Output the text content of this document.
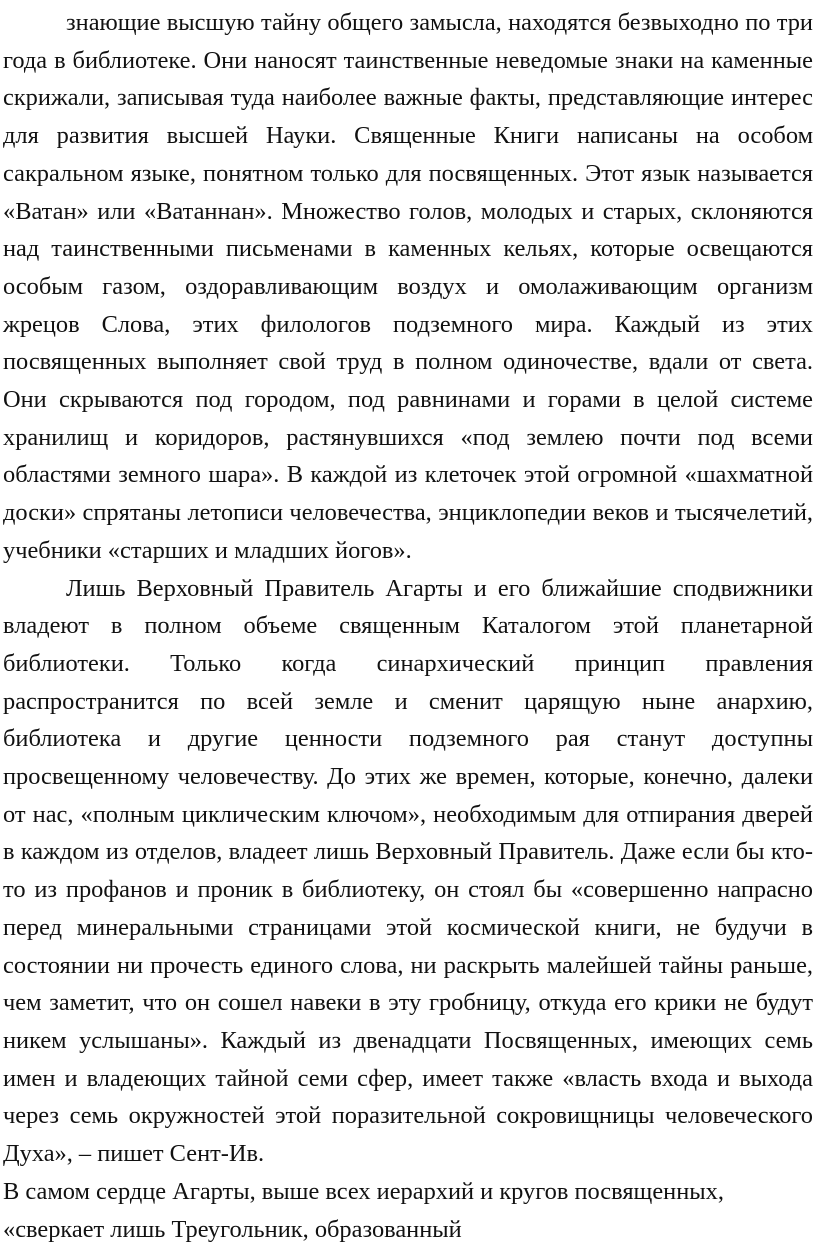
знающие высшую тайну общего замысла, находятся безвыходно по три года в библиотеке. Они наносят таинственные неведомые знаки на каменные скрижали, записывая туда наиболее важные факты, представляющие интерес для развития высшей Науки. Священные Книги написаны на особом сакральном языке, понятном только для посвященных. Этот язык называется «Ватан» или «Ватаннан». Множество голов, молодых и старых, склоняются над таинственными письменами в каменных кельях, которые освещаются особым газом, оздоравливающим воздух и омолаживающим организм жрецов Слова, этих филологов подземного мира. Каждый из этих посвященных выполняет свой труд в полном одиночестве, вдали от света. Они скрываются под городом, под равнинами и горами в целой системе хранилищ и коридоров, растянувшихся «под землею почти под всеми областями земного шара». В каждой из клеточек этой огромной «шахматной доски» спрятаны летописи человечества, энциклопедии веков и тысячелетий, учебники «старших и младших йогов».

Лишь Верховный Правитель Агарты и его ближайшие сподвижники владеют в полном объеме священным Каталогом этой планетарной библиотеки. Только когда синархический принцип правления распространится по всей земле и сменит царящую ныне анархию, библиотека и другие ценности подземного рая станут доступны просвещенному человечеству. До этих же времен, которые, конечно, далеки от нас, «полным циклическим ключом», необходимым для отпирания дверей в каждом из отделов, владеет лишь Верховный Правитель. Даже если бы кто-то из профанов и проник в библиотеку, он стоял бы «совершенно напрасно перед минеральными страницами этой космической книги, не будучи в состоянии ни прочесть единого слова, ни раскрыть малейшей тайны раньше, чем заметит, что он сошел навеки в эту гробницу, откуда его крики не будут никем услышаны». Каждый из двенадцати Посвященных, имеющих семь имен и владеющих тайной семи сфер, имеет также «власть входа и выхода через семь окружностей этой поразительной сокровищницы человеческого Духа», – пишет Сент-Ив.

В самом сердце Агарты, выше всех иерархий и кругов посвященных, «сверкает лишь Треугольник, образованный
